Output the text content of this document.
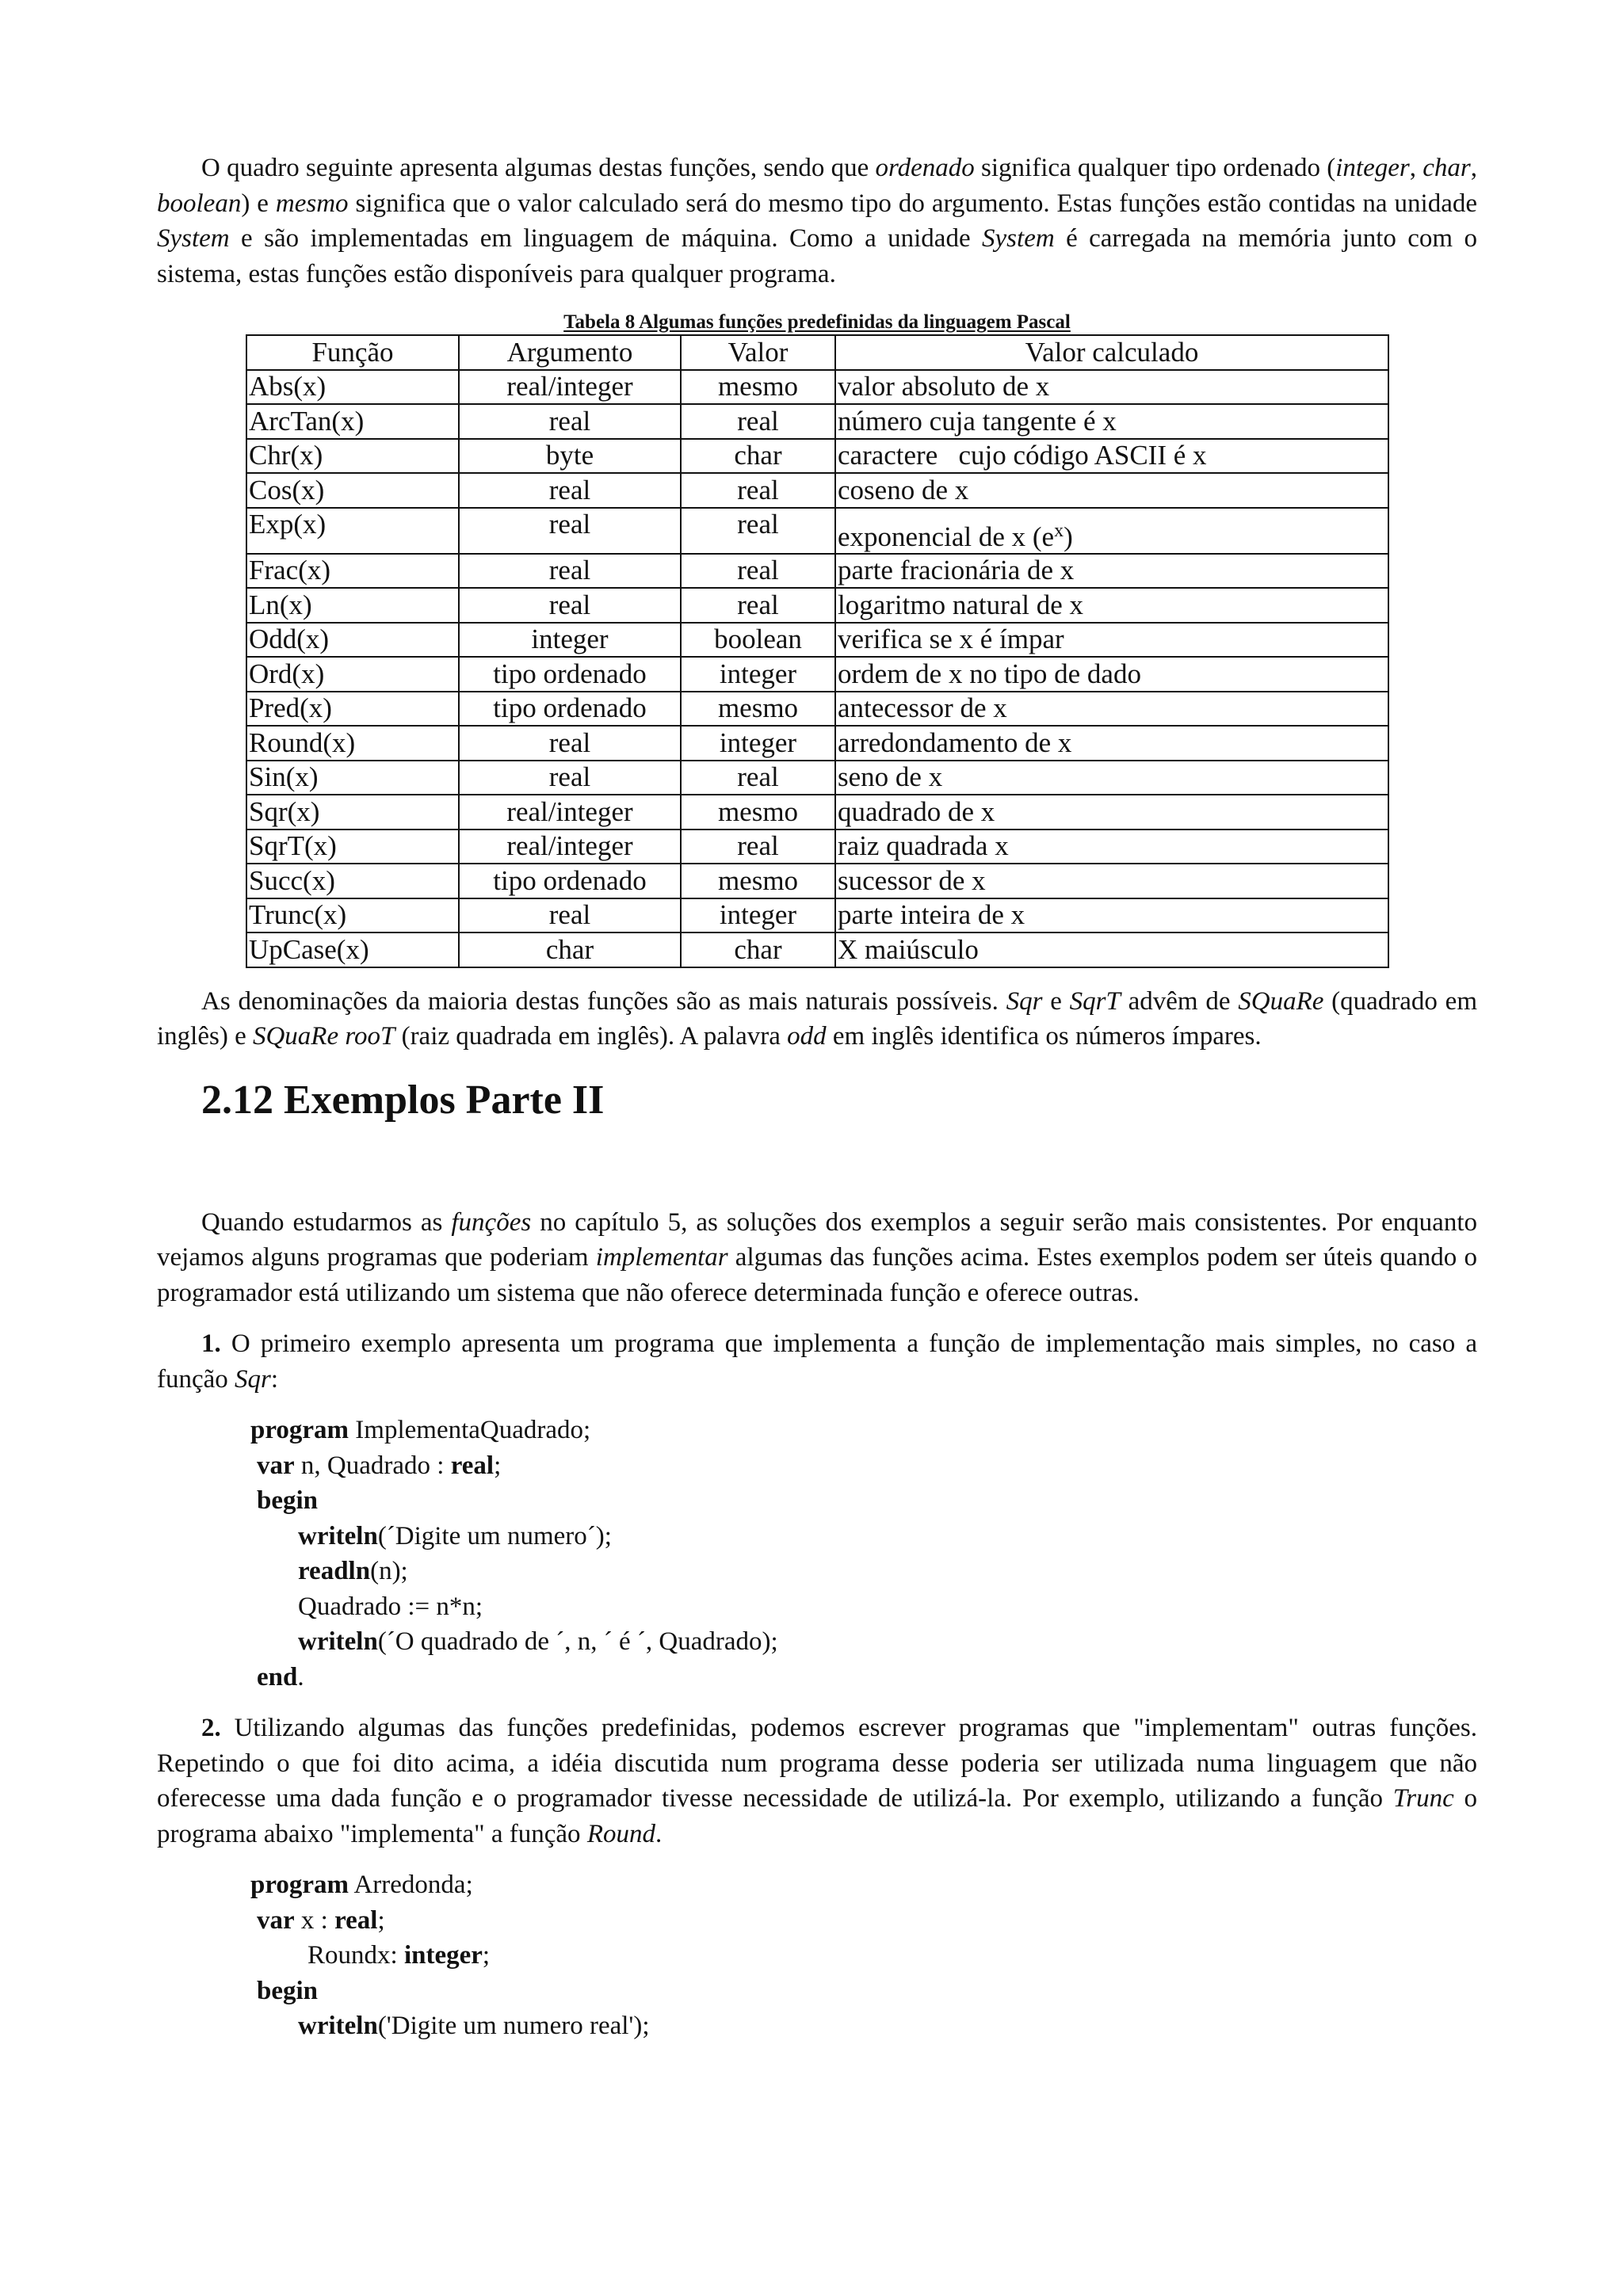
O quadro seguinte apresenta algumas destas funções, sendo que ordenado significa qualquer tipo ordenado (integer, char, boolean) e mesmo significa que o valor calculado será do mesmo tipo do argumento. Estas funções estão contidas na unidade System e são implementadas em linguagem de máquina. Como a unidade System é carregada na memória junto com o sistema, estas funções estão disponíveis para qualquer programa.

Tabela 8 Algumas funções predefinidas da linguagem Pascal
Função	Argumento	Valor	Valor calculado
Abs(x)	real/integer	mesmo	valor absoluto de x
ArcTan(x)	real	real	número cuja tangente é x
Chr(x)	byte	char	caractere   cujo código ASCII é x
Cos(x)	real	real	coseno de x
Exp(x)	real	real	exponencial de x $(e^x)$
Frac(x)	real	real	parte fracionária de x
Ln(x)	real	real	logaritmo natural de x
Odd(x)	integer	boolean	verifica se x é ímpar
Ord(x)	tipo ordenado	integer	ordem de x no tipo de dado
Pred(x)	tipo ordenado	mesmo	antecessor de x
Round(x)	real	integer	arredondamento de x
Sin(x)	real	real	seno de x
Sqr(x)	real/integer	mesmo	quadrado de x
SqrT(x)	real/integer	real	raiz quadrada x
Succ(x)	tipo ordenado	mesmo	sucessor de x
Trunc(x)	real	integer	parte inteira de x
UpCase(x)	char	char	X maiúsculo

As denominações da maioria destas funções são as mais naturais possíveis. Sqr e SqrT advêm de SQuaRe (quadrado em inglês) e SQuaRe rooT (raiz quadrada em inglês). A palavra odd em inglês identifica os números ímpares.

2.12 Exemplos Parte II

Quando estudarmos as funções no capítulo 5, as soluções dos exemplos a seguir serão mais consistentes. Por enquanto vejamos alguns programas que poderiam implementar algumas das funções acima. Estes exemplos podem ser úteis quando o programador está utilizando um sistema que não oferece determinada função e oferece outras.

1. O primeiro exemplo apresenta um programa que implementa a função de implementação mais simples, no caso a função Sqr:

program ImplementaQuadrado;
var n, Quadrado : real;
begin
writeln(´Digite um numero´);
readln(n);
Quadrado := n*n;
writeln(´O quadrado de ´, n, ´ é ´, Quadrado);
end.

2. Utilizando algumas das funções predefinidas, podemos escrever programas que "implementam" outras funções. Repetindo o que foi dito acima, a idéia discutida num programa desse poderia ser utilizada numa linguagem que não oferecesse uma dada função e o programador tivesse necessidade de utilizá-la. Por exemplo, utilizando a função Trunc o programa abaixo "implementa" a função Round.

program Arredonda;
var x : real;
Roundx: integer;
begin
writeln('Digite um numero real');
